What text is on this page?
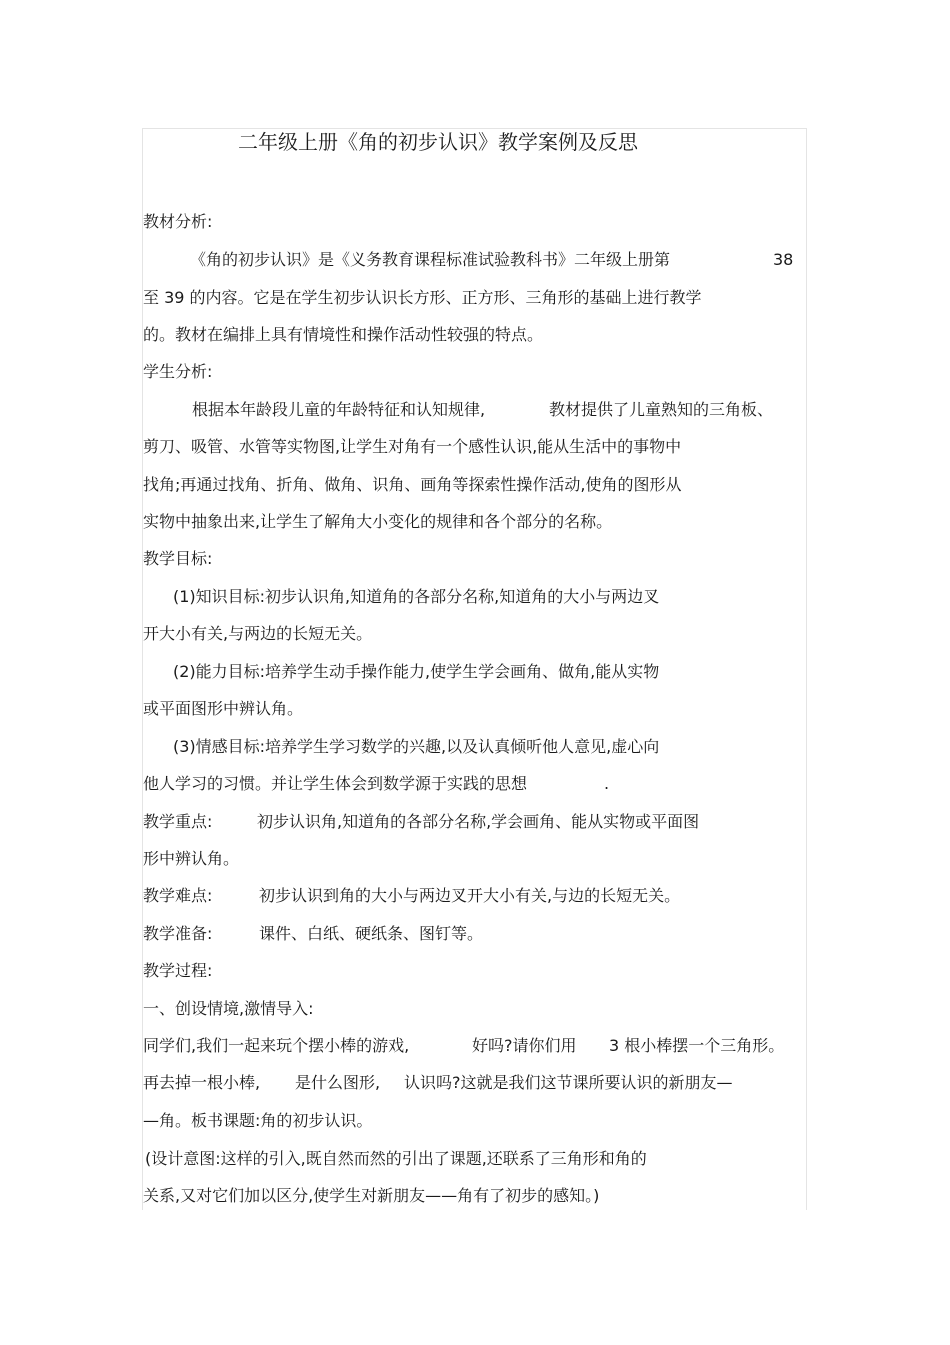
二年级上册《角的初步认识》教学案例及反思
教材分析:
《角的初步认识》是《义务教育课程标准试验教科书》二年级上册第	38
至 39 的内容。它是在学生初步认识长方形、正方形、三角形的基础上进行教学
的。教材在编排上具有情境性和操作活动性较强的特点。
学生分析:
根据本年龄段儿童的年龄特征和认知规律,	教材提供了儿童熟知的三角板、
剪刀、吸管、水管等实物图,让学生对角有一个感性认识,能从生活中的事物中
找角;再通过找角、折角、做角、识角、画角等探索性操作活动,使角的图形从
实物中抽象出来,让学生了解角大小变化的规律和各个部分的名称。
教学目标:
(1)知识目标:初步认识角,知道角的各部分名称,知道角的大小与两边叉
开大小有关,与两边的长短无关。
(2)能力目标:培养学生动手操作能力,使学生学会画角、做角,能从实物
或平面图形中辨认角。
(3)情感目标:培养学生学习数学的兴趣,以及认真倾听他人意见,虚心向
他人学习的习惯。并让学生体会到数学源于实践的思想	.
教学重点:	初步认识角,知道角的各部分名称,学会画角、能从实物或平面图
形中辨认角。
教学难点:	初步认识到角的大小与两边叉开大小有关,与边的长短无关。
教学准备:	课件、白纸、硬纸条、图钉等。
教学过程:
一、创设情境,激情导入:
同学们,我们一起来玩个摆小棒的游戏,	好吗?请你们用 3 根小棒摆一个三角形。
再去掉一根小棒, 是什么图形, 认识吗?这就是我们这节课所要认识的新朋友—
—角。板书课题:角的初步认识。
(设计意图:这样的引入,既自然而然的引出了课题,还联系了三角形和角的
关系,又对它们加以区分,使学生对新朋友——角有了初步的感知。)
